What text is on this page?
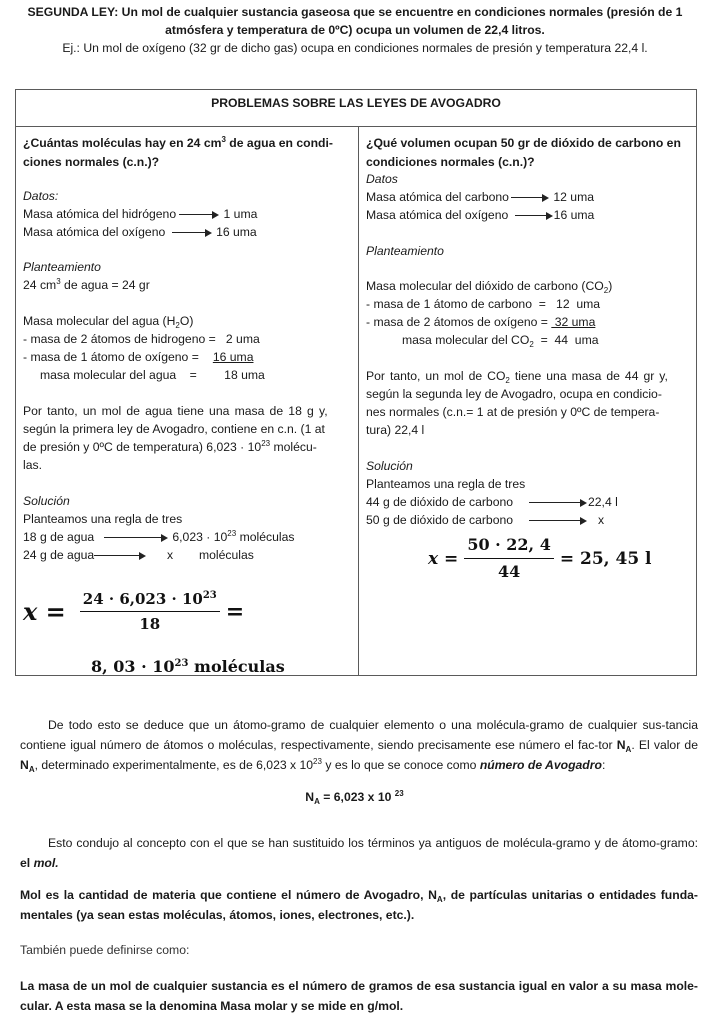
SEGUNDA LEY: Un mol de cualquier sustancia gaseosa que se encuentre en condiciones normales (presión de 1
atmósfera y temperatura de 0ºC) ocupa un volumen de 22,4 litros.
Ej.: Un mol de oxígeno (32 gr de dicho gas) ocupa en condiciones normales de presión y temperatura 22,4 l.
PROBLEMAS SOBRE LAS LEYES DE AVOGADRO
¿Cuántas moléculas hay en 24 $cm^3$ de agua en condi-
ciones normales (c.n.)?
Datos:
Masa atómica del hidrógeno	1 uma
Masa atómica del oxígeno	16 uma
Planteamiento
24 $cm^3$ de agua = 24 gr
Masa molecular del agua $(H_2O)$
- masa de 2 átomos de hidrogeno = 2 uma
- masa de 1 átomo de oxígeno = 16 uma
masa molecular del agua = 18 uma
Por tanto, un mol de agua tiene una masa de 18 g y,
según la primera ley de Avogadro, contiene en c.n. (1 at
de presión y 0ºC de temperatura) $6,023 \cdot 10^{23}$ molécu-
las.
Solución
Planteamos una regla de tres
18 g de agua	$6,023 \cdot 10^{23}$ moléculas
24 g de agua	x moléculas
$x = \frac{24 \cdot 6,023 \cdot 10^{23}}{18}$ =
8, $03 \cdot 10^{23}$ moléculas
¿Qué volumen ocupan 50 gr de dióxido de carbono en
condiciones normales (c.n.)?
Datos
Masa atómica del carbono	12 uma
Masa atómica del oxígeno	16 uma
Planteamiento
Masa molecular del dióxido de carbono $(CO_2)$
- masa de 1 átomo de carbono  = 12  uma
- masa de 2 átomos de oxígeno =  32 uma
masa molecular del $CO_2 = 44$  uma
Por tanto, un mol de $CO_2$ tiene una masa de 44 gr y,
según la segunda ley de Avogadro, ocupa en condicio-
nes normales (c.n.= 1 at de presión y 0ºC de tempera-
tura) 22,4 l
Solución
Planteamos una regla de tres
44 g de dióxido de carbono	22,4 l
50 g de dióxido de carbono	x
$x = \frac{50 \cdot 22, 4}{44} = 25$, 45 l
De todo esto se deduce que un átomo-gramo de cualquier elemento o una molécula-gramo de cualquier sus-tancia contiene igual número de átomos o moléculas, respectivamente, siendo precisamente ese número el fac-tor $N_A$. El valor de $N_A$, determinado experimentalmente, es de 6,023 x $10^{23}$ y es lo que se conoce como número de Avogadro:
$N_A = 6,023$ x 10 $^{23}$
Esto condujo al concepto con el que se han sustituido los términos ya antiguos de molécula-gramo y de átomo-gramo: el mol.
Mol es la cantidad de materia que contiene el número de Avogadro, $N_A$, de partículas unitarias o entidades funda-mentales (ya sean estas moléculas, átomos, iones, electrones, etc.).
También puede definirse como:
La masa de un mol de cualquier sustancia es el número de gramos de esa sustancia igual en valor a su masa mole-cular. A esta masa se la denomina Masa molar y se mide en g/mol.
